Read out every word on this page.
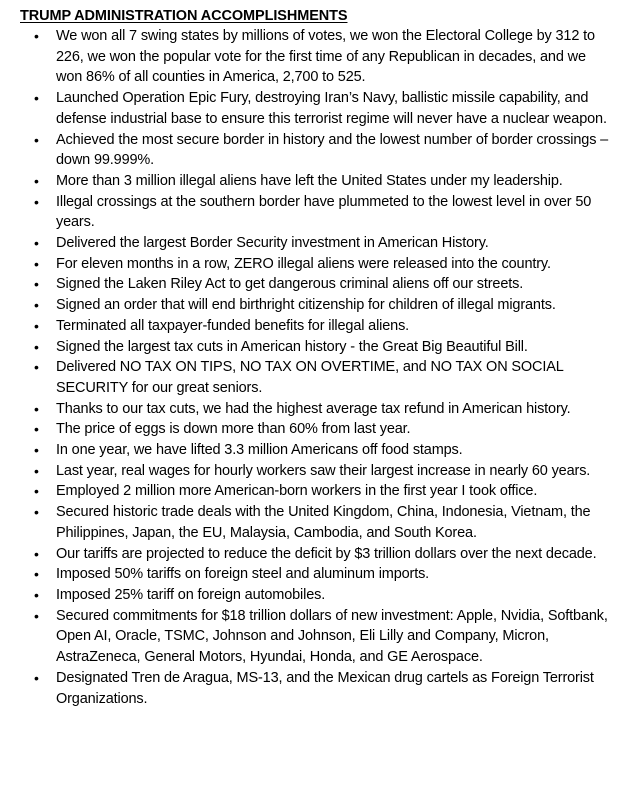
TRUMP ADMINISTRATION ACCOMPLISHMENTS
• We won all 7 swing states by millions of votes, we won the Electoral College by 312 to 226, we won the popular vote for the first time of any Republican in decades, and we won 86% of all counties in America, 2,700 to 525.
• Launched Operation Epic Fury, destroying Iran’s Navy, ballistic missile capability, and defense industrial base to ensure this terrorist regime will never have a nuclear weapon.
• Achieved the most secure border in history and the lowest number of border crossings – down 99.999%.
• More than 3 million illegal aliens have left the United States under my leadership.
• Illegal crossings at the southern border have plummeted to the lowest level in over 50 years.
• Delivered the largest Border Security investment in American History.
• For eleven months in a row, ZERO illegal aliens were released into the country.
• Signed the Laken Riley Act to get dangerous criminal aliens off our streets.
• Signed an order that will end birthright citizenship for children of illegal migrants.
• Terminated all taxpayer-funded benefits for illegal aliens.
• Signed the largest tax cuts in American history - the Great Big Beautiful Bill.
• Delivered NO TAX ON TIPS, NO TAX ON OVERTIME, and NO TAX ON SOCIAL SECURITY for our great seniors.
• Thanks to our tax cuts, we had the highest average tax refund in American history.
• The price of eggs is down more than 60% from last year.
• In one year, we have lifted 3.3 million Americans off food stamps.
• Last year, real wages for hourly workers saw their largest increase in nearly 60 years.
• Employed 2 million more American-born workers in the first year I took office.
• Secured historic trade deals with the United Kingdom, China, Indonesia, Vietnam, the Philippines, Japan, the EU, Malaysia, Cambodia, and South Korea.
• Our tariffs are projected to reduce the deficit by $3 trillion dollars over the next decade.
• Imposed 50% tariffs on foreign steel and aluminum imports.
• Imposed 25% tariff on foreign automobiles.
• Secured commitments for $18 trillion dollars of new investment: Apple, Nvidia, Softbank, Open AI, Oracle, TSMC, Johnson and Johnson, Eli Lilly and Company, Micron, AstraZeneca, General Motors, Hyundai, Honda, and GE Aerospace.
• Designated Tren de Aragua, MS-13, and the Mexican drug cartels as Foreign Terrorist Organizations.
